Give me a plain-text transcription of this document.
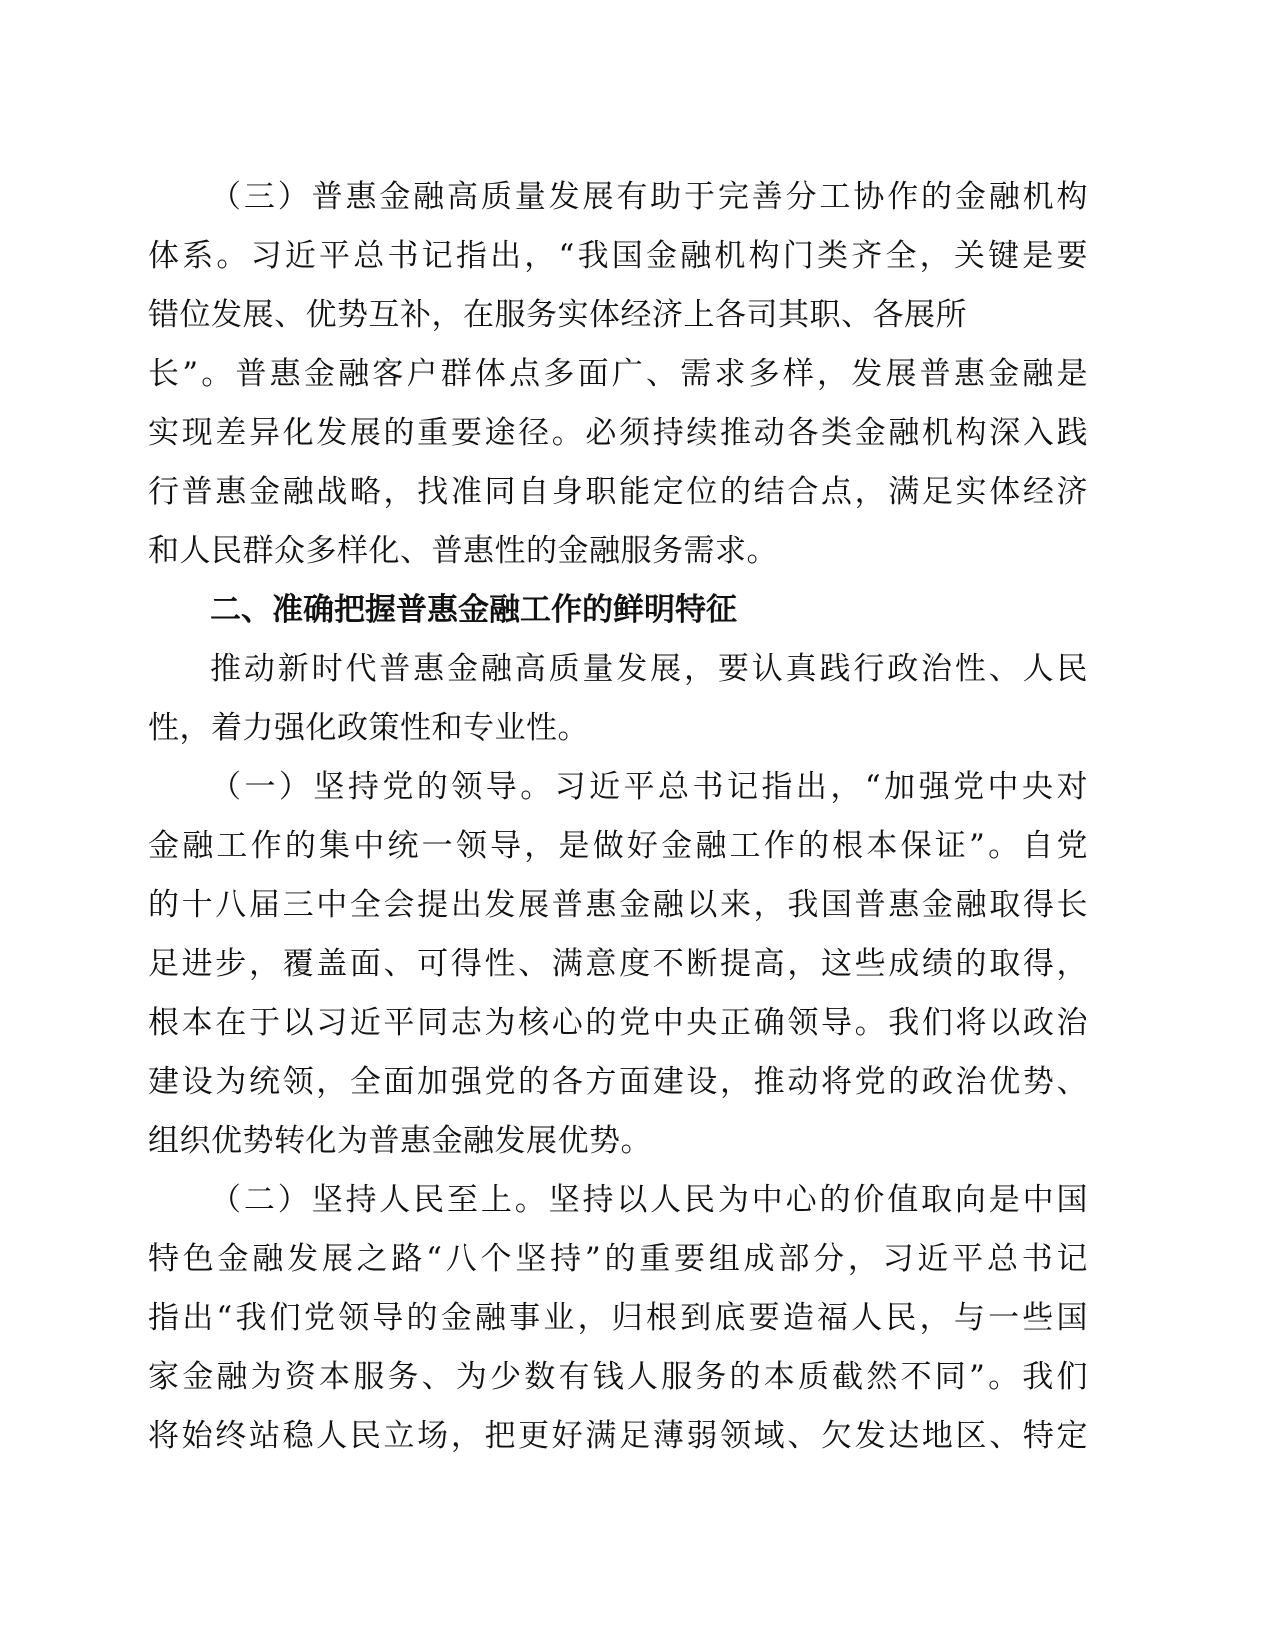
（三）普惠金融高质量发展有助于完善分工协作的金融机构
体系。习近平总书记指出，“我国金融机构门类齐全，关键是要
错位发展、优势互补，在服务实体经济上各司其职、各展所
长”。普惠金融客户群体点多面广、需求多样，发展普惠金融是
实现差异化发展的重要途径。必须持续推动各类金融机构深入践
行普惠金融战略，找准同自身职能定位的结合点，满足实体经济
和人民群众多样化、普惠性的金融服务需求。
二、准确把握普惠金融工作的鲜明特征
推动新时代普惠金融高质量发展，要认真践行政治性、人民
性，着力强化政策性和专业性。
（一）坚持党的领导。习近平总书记指出，“加强党中央对
金融工作的集中统一领导，是做好金融工作的根本保证”。自党
的十八届三中全会提出发展普惠金融以来，我国普惠金融取得长
足进步，覆盖面、可得性、满意度不断提高，这些成绩的取得，
根本在于以习近平同志为核心的党中央正确领导。我们将以政治
建设为统领，全面加强党的各方面建设，推动将党的政治优势、
组织优势转化为普惠金融发展优势。
（二）坚持人民至上。坚持以人民为中心的价值取向是中国
特色金融发展之路“八个坚持”的重要组成部分，习近平总书记
指出“我们党领导的金融事业，归根到底要造福人民，与一些国
家金融为资本服务、为少数有钱人服务的本质截然不同”。我们
将始终站稳人民立场，把更好满足薄弱领域、欠发达地区、特定
